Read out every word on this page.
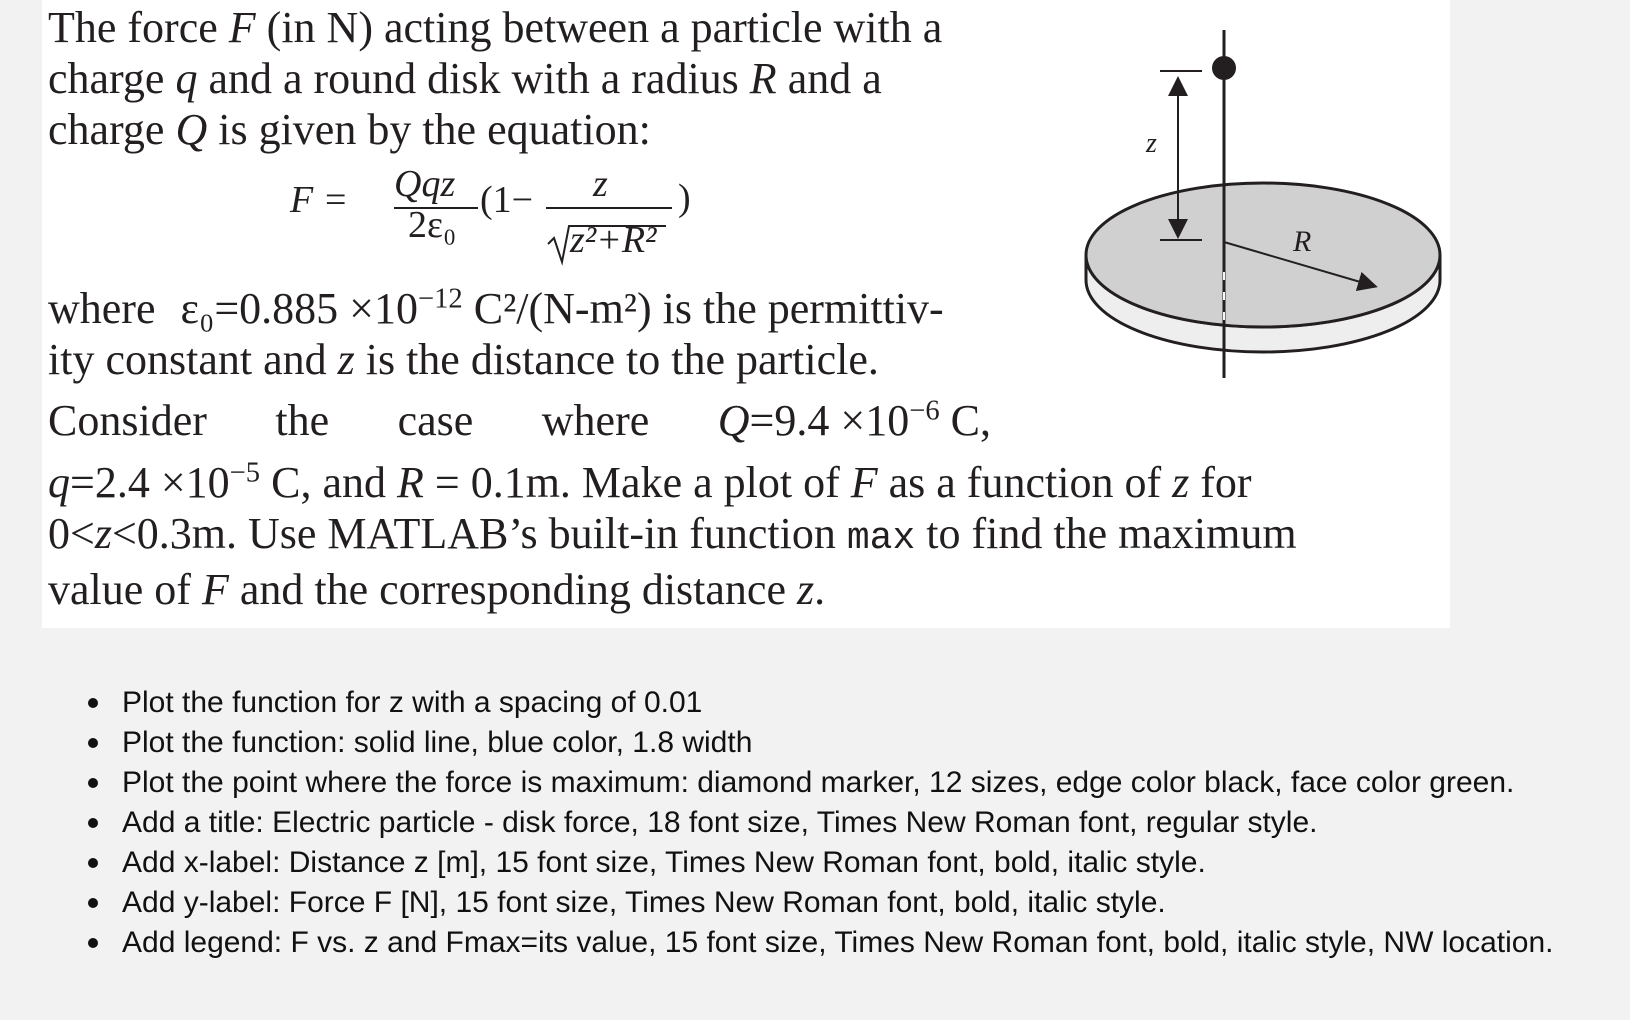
The force F (in N) acting between a particle with a
charge q and a round disk with a radius R and a
charge Q is given by the equation:
F = Qqz
2ε₀
(1− z
z²+R²
)
where $\varepsilon_0=0.885 \times 10^{-12}$ C²/(N-m²) is the permittiv-
ity constant and z is the distance to the particle.
Consider the case where $Q=9.4 \times 10^{-6}$ C,
$q=2.4 \times 10^{-5}$ C, and R = 0.1m. Make a plot of F as a function of z for
0<z<0.3m. Use MATLAB’s built-in function max to find the maximum
value of F and the corresponding distance z.
z
R
Plot the function for z with a spacing of 0.01
Plot the function: solid line, blue color, 1.8 width
Plot the point where the force is maximum: diamond marker, 12 sizes, edge color black, face color green.
Add a title: Electric particle - disk force, 18 font size, Times New Roman font, regular style.
Add x-label: Distance z [m], 15 font size, Times New Roman font, bold, italic style.
Add y-label: Force F [N], 15 font size, Times New Roman font, bold, italic style.
Add legend: F vs. z and Fmax=its value, 15 font size, Times New Roman font, bold, italic style, NW location.
